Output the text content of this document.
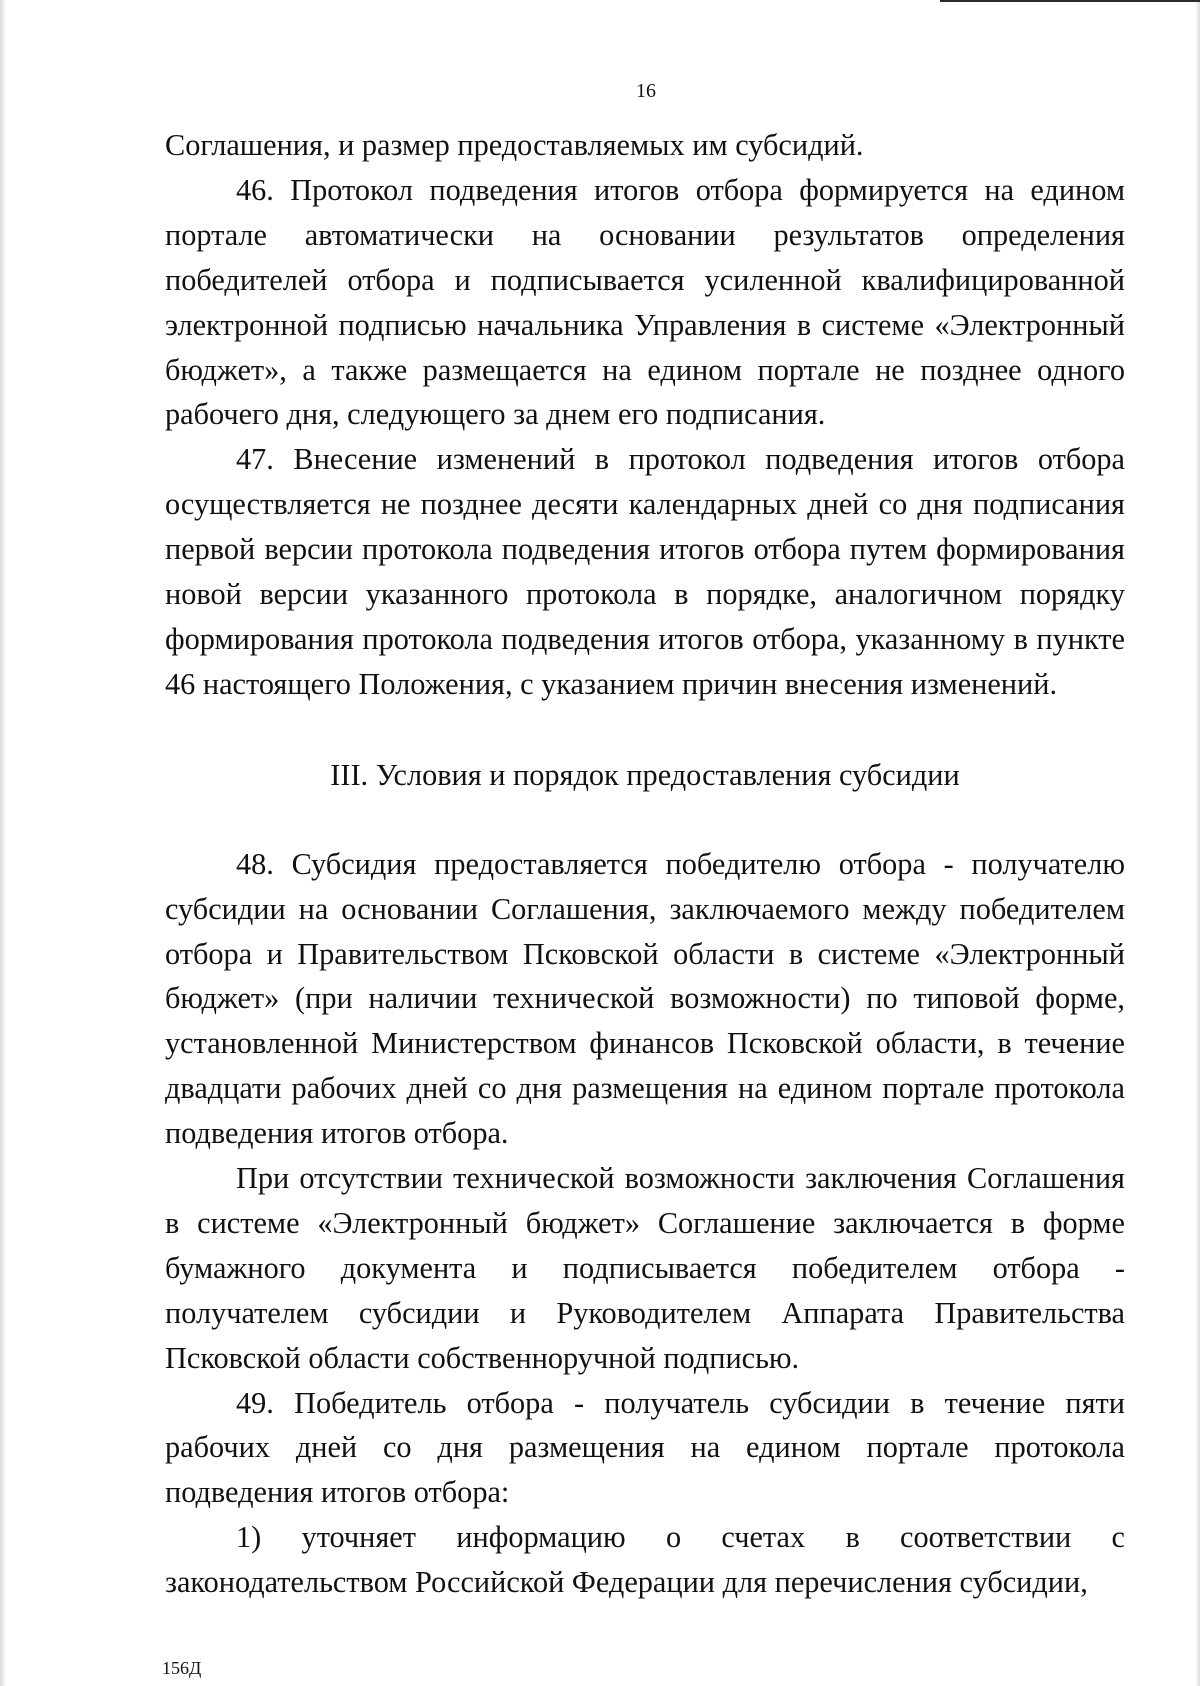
16

Соглашения, и размер предоставляемых им субсидий.

46. Протокол подведения итогов отбора формируется на едином портале автоматически на основании результатов определения победителей отбора и подписывается усиленной квалифицированной электронной подписью начальника Управления в системе «Электронный бюджет», а также размещается на едином портале не позднее одного рабочего дня, следующего за днем его подписания.

47. Внесение изменений в протокол подведения итогов отбора осуществляется не позднее десяти календарных дней со дня подписания первой версии протокола подведения итогов отбора путем формирования новой версии указанного протокола в порядке, аналогичном порядку формирования протокола подведения итогов отбора, указанному в пункте 46 настоящего Положения, с указанием причин внесения изменений.

III. Условия и порядок предоставления субсидии

48. Субсидия предоставляется победителю отбора - получателю субсидии на основании Соглашения, заключаемого между победителем отбора и Правительством Псковской области в системе «Электронный бюджет» (при наличии технической возможности) по типовой форме, установленной Министерством финансов Псковской области, в течение двадцати рабочих дней со дня размещения на едином портале протокола подведения итогов отбора.

При отсутствии технической возможности заключения Соглашения в системе «Электронный бюджет» Соглашение заключается в форме бумажного документа и подписывается победителем отбора - получателем субсидии и Руководителем Аппарата Правительства Псковской области собственноручной подписью.

49. Победитель отбора - получатель субсидии в течение пяти рабочих дней со дня размещения на едином портале протокола подведения итогов отбора:

1) уточняет информацию о счетах в соответствии с законодательством Российской Федерации для перечисления субсидии,

156Д
